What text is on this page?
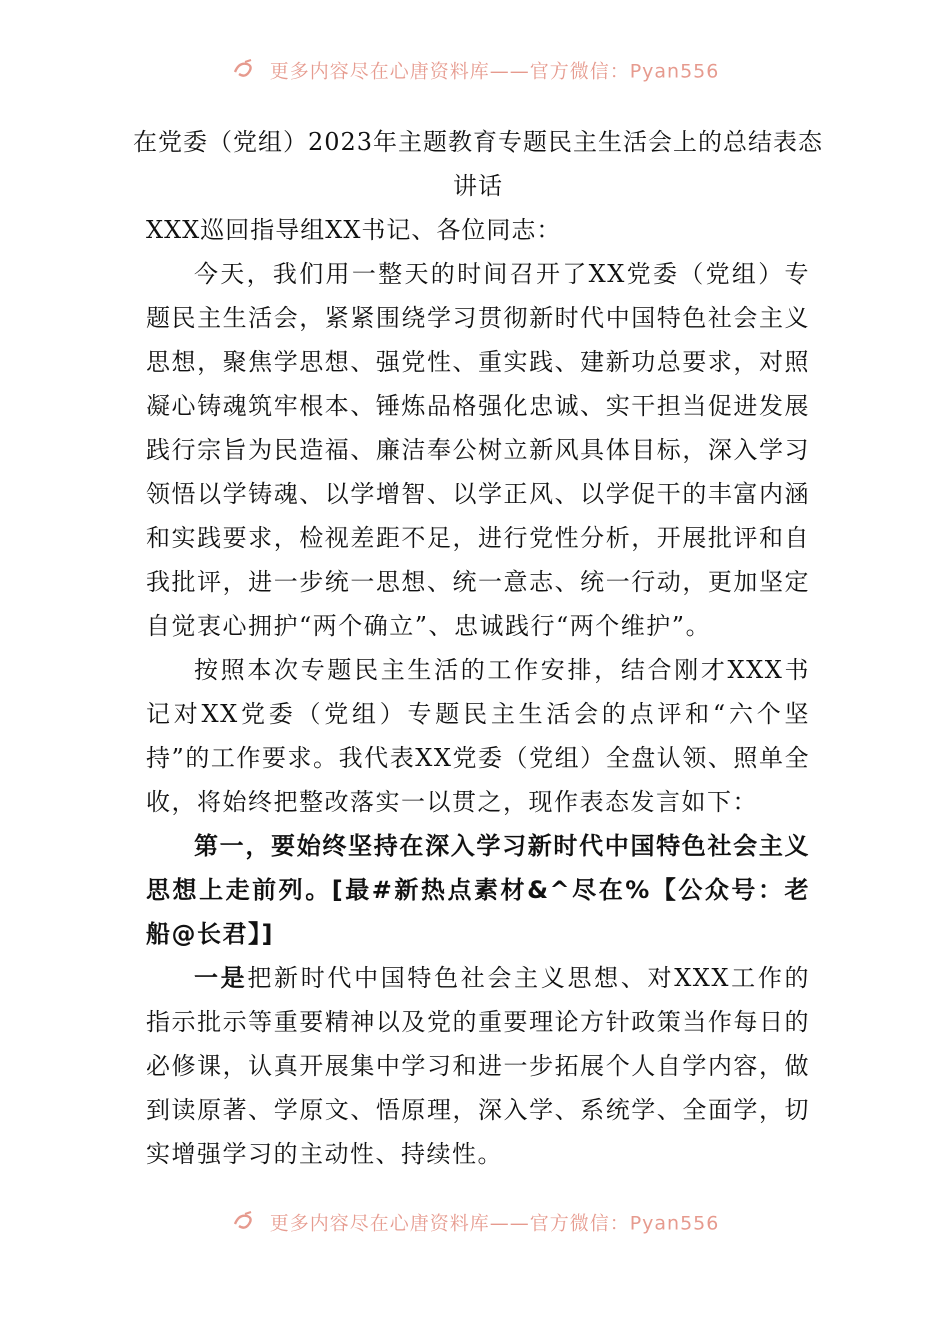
更多内容尽在心唐资料库——官方微信：Pyan556
在党委（党组）2023年主题教育专题民主生活会上的总结表态讲话
XXX巡回指导组XX书记、各位同志：

今天，我们用一整天的时间召开了XX党委（党组）专题民主生活会，紧紧围绕学习贯彻新时代中国特色社会主义思想，聚焦学思想、强党性、重实践、建新功总要求，对照凝心铸魂筑牢根本、锤炼品格强化忠诚、实干担当促进发展践行宗旨为民造福、廉洁奉公树立新风具体目标，深入学习领悟以学铸魂、以学增智、以学正风、以学促干的丰富内涵和实践要求，检视差距不足，进行党性分析，开展批评和自我批评，进一步统一思想、统一意志、统一行动，更加坚定自觉衷心拥护“两个确立”、忠诚践行“两个维护”。

按照本次专题民主生活的工作安排，结合刚才XXX书记对XX党委（党组）专题民主生活会的点评和“六个坚持”的工作要求。我代表XX党委（党组）全盘认领、照单全收，将始终把整改落实一以贯之，现作表态发言如下：

第一，要始终坚持在深入学习新时代中国特色社会主义思想上走前列。[最#新热点素材&^尽在%【公众号：老船@长君】]

一是把新时代中国特色社会主义思想、对XXX工作的指示批示等重要精神以及党的重要理论方针政策当作每日的必修课，认真开展集中学习和进一步拓展个人自学内容，做到读原著、学原文、悟原理，深入学、系统学、全面学，切实增强学习的主动性、持续性。

更多内容尽在心唐资料库——官方微信：Pyan556
